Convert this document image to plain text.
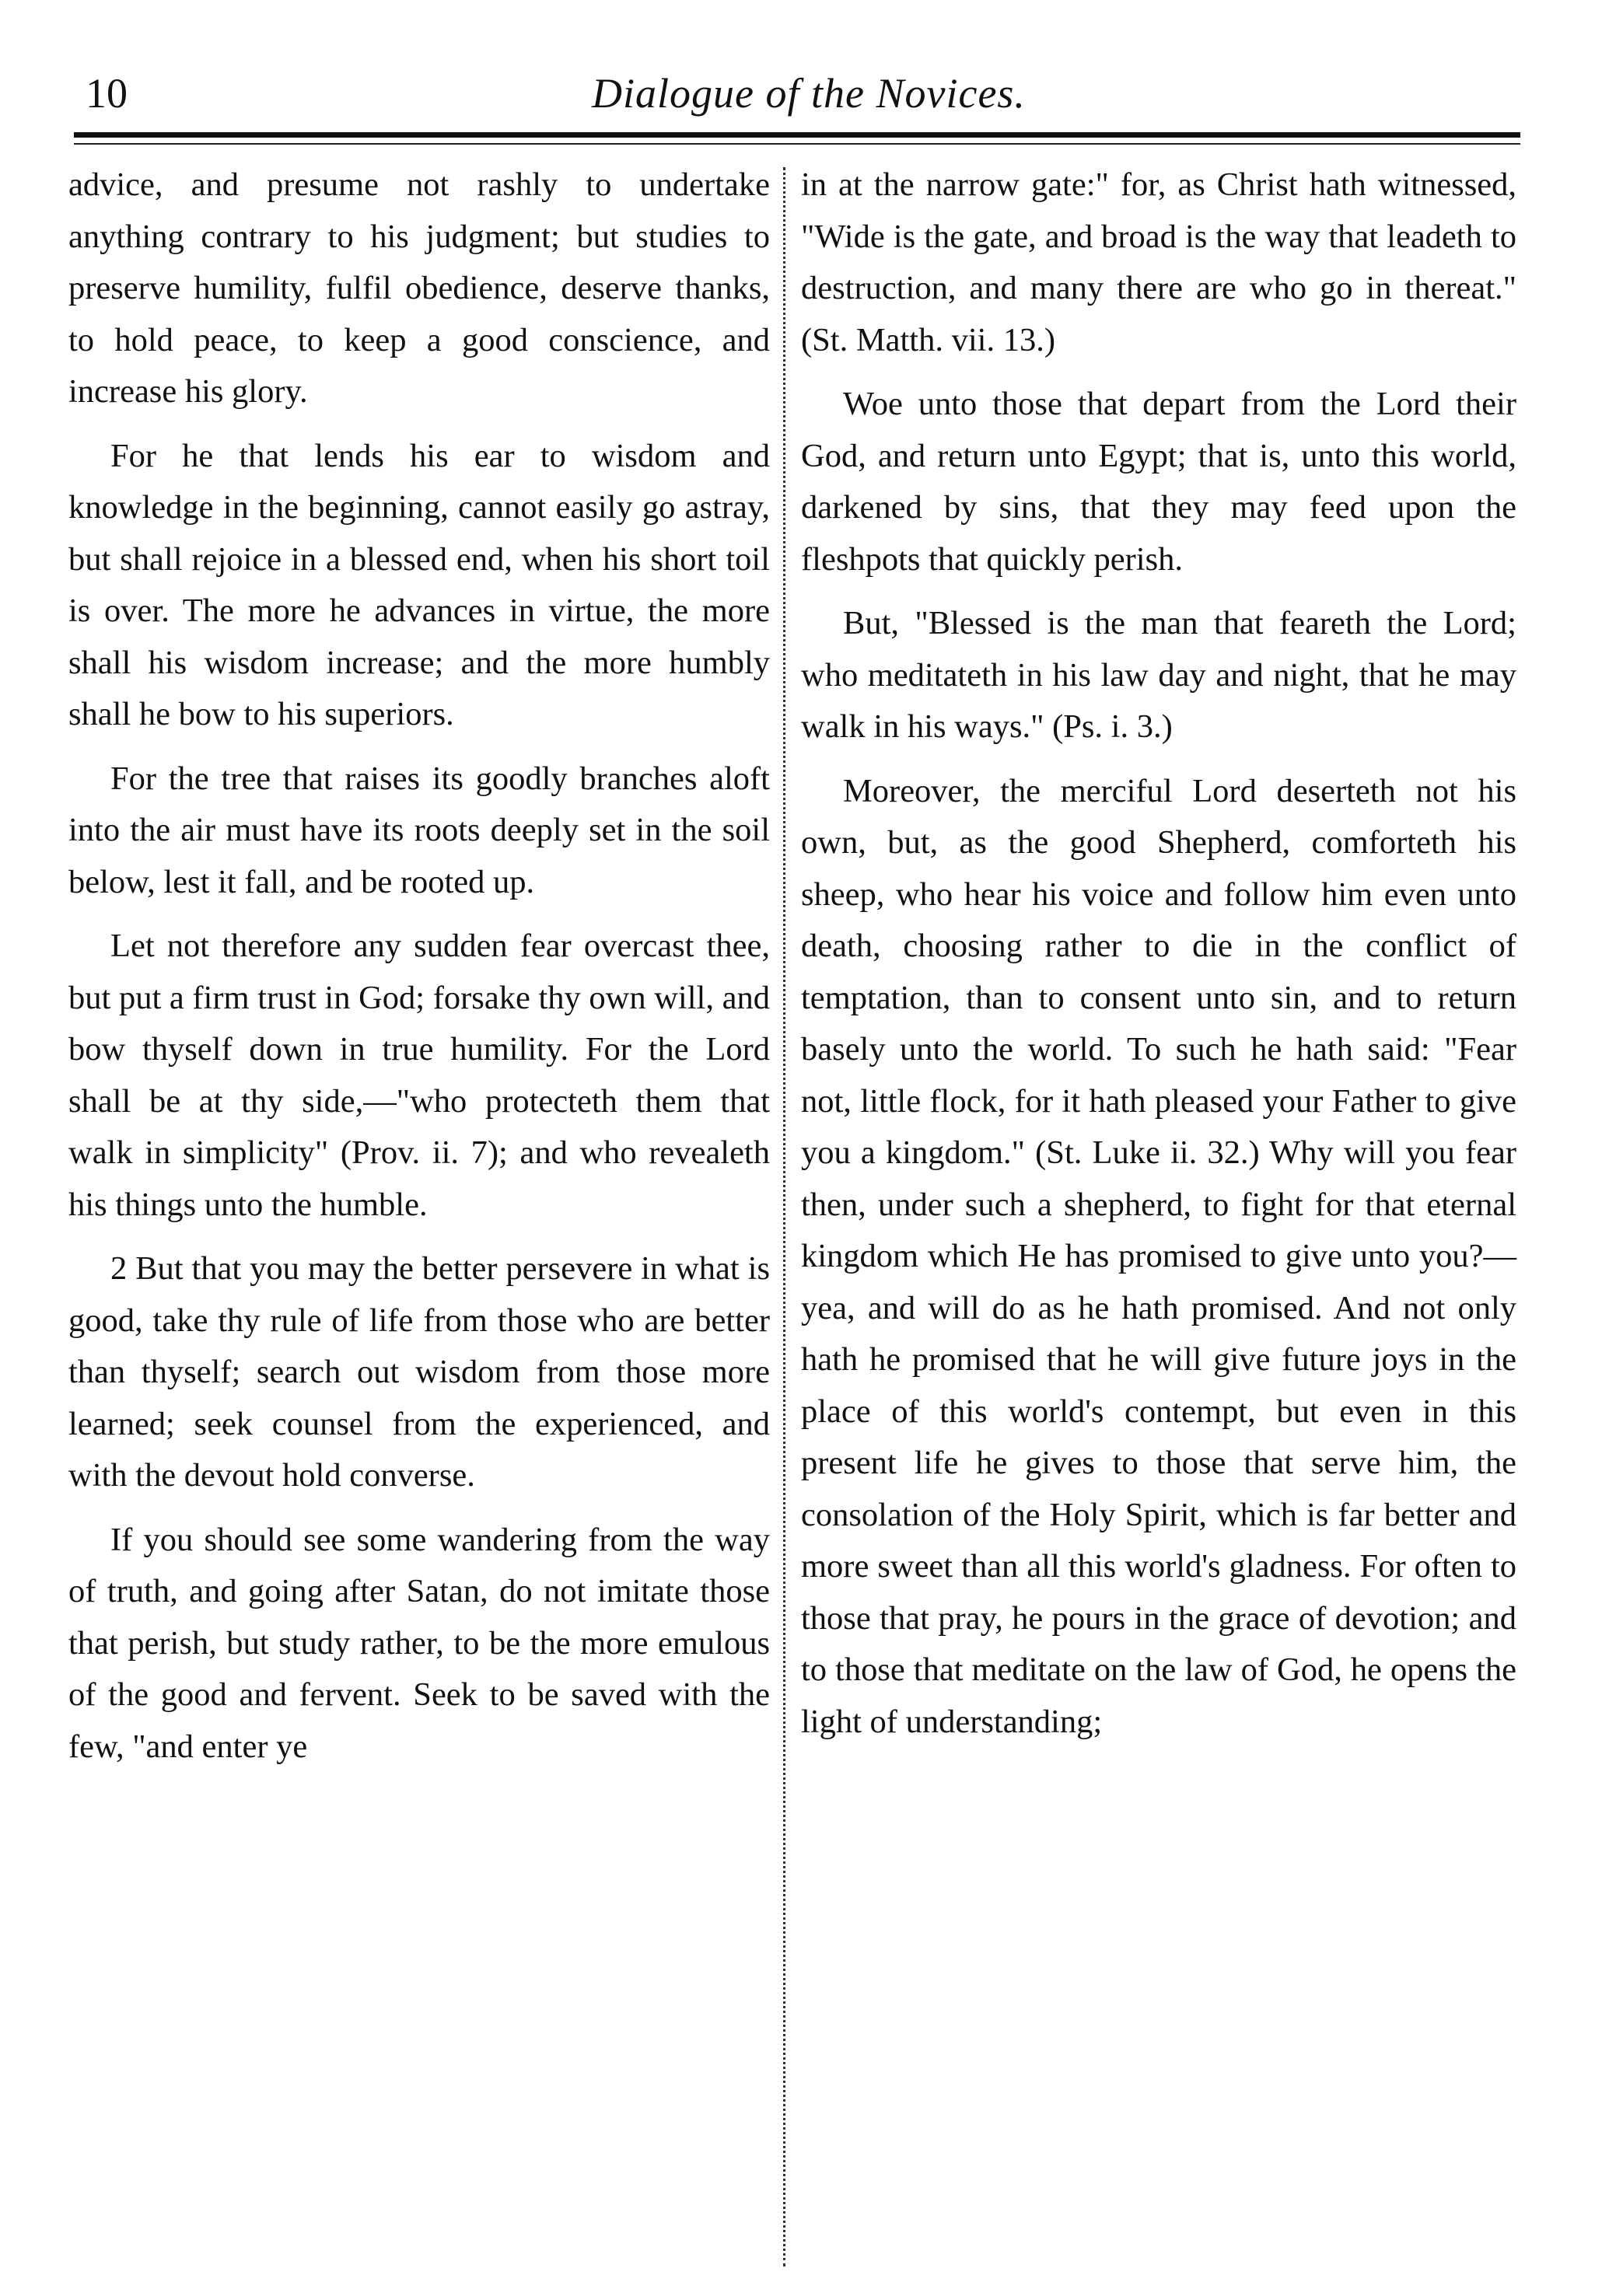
10	Dialogue of the Novices.

advice, and presume not rashly to undertake anything contrary to his judgment; but studies to preserve humility, fulfil obedience, deserve thanks, to hold peace, to keep a good conscience, and increase his glory.

For he that lends his ear to wisdom and knowledge in the beginning, cannot easily go astray, but shall rejoice in a blessed end, when his short toil is over. The more he advances in virtue, the more shall his wisdom increase; and the more humbly shall he bow to his superiors.

For the tree that raises its goodly branches aloft into the air must have its roots deeply set in the soil below, lest it fall, and be rooted up.

Let not therefore any sudden fear overcast thee, but put a firm trust in God; forsake thy own will, and bow thyself down in true humility. For the Lord shall be at thy side,—"who protecteth them that walk in simplicity" (Prov. ii. 7); and who revealeth his things unto the humble.

2 But that you may the better persevere in what is good, take thy rule of life from those who are better than thyself; search out wisdom from those more learned; seek counsel from the experienced, and with the devout hold converse.

If you should see some wandering from the way of truth, and going after Satan, do not imitate those that perish, but study rather, to be the more emulous of the good and fervent. Seek to be saved with the few, "and enter ye

in at the narrow gate:" for, as Christ hath witnessed, "Wide is the gate, and broad is the way that leadeth to destruction, and many there are who go in thereat." (St. Matth. vii. 13.)

Woe unto those that depart from the Lord their God, and return unto Egypt; that is, unto this world, darkened by sins, that they may feed upon the fleshpots that quickly perish.

But, "Blessed is the man that feareth the Lord; who meditateth in his law day and night, that he may walk in his ways." (Ps. i. 3.)

Moreover, the merciful Lord deserteth not his own, but, as the good Shepherd, comforteth his sheep, who hear his voice and follow him even unto death, choosing rather to die in the conflict of temptation, than to consent unto sin, and to return basely unto the world. To such he hath said: "Fear not, little flock, for it hath pleased your Father to give you a kingdom." (St. Luke ii. 32.) Why will you fear then, under such a shepherd, to fight for that eternal kingdom which He has promised to give unto you?—yea, and will do as he hath promised. And not only hath he promised that he will give future joys in the place of this world's contempt, but even in this present life he gives to those that serve him, the consolation of the Holy Spirit, which is far better and more sweet than all this world's gladness. For often to those that pray, he pours in the grace of devotion; and to those that meditate on the law of God, he opens the light of understanding;
